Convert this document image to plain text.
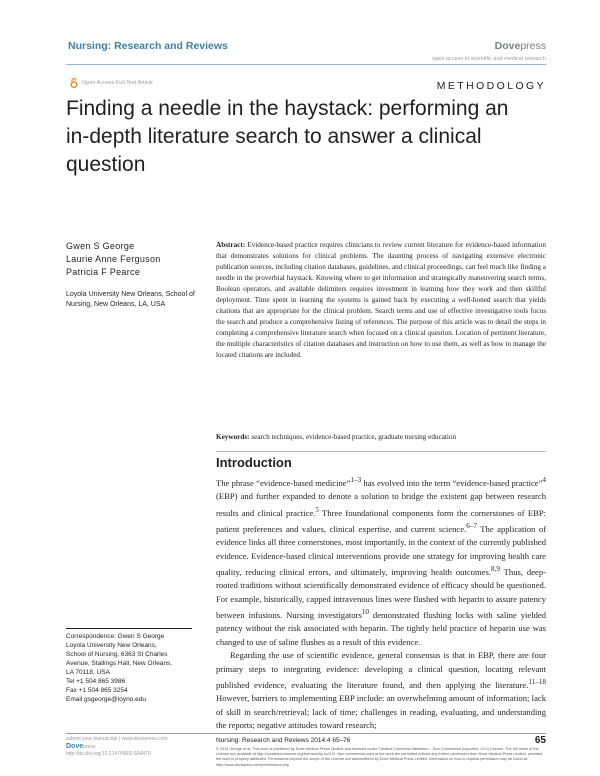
Nursing: Research and Reviews	Dovepress
open access to scientific and medical research
Open Access Full Text Article	METHODOLOGY
Finding a needle in the haystack: performing an in-depth literature search to answer a clinical question
Gwen S George
Laurie Anne Ferguson
Patricia F Pearce
Loyola University New Orleans, School of Nursing, New Orleans, LA, USA
Abstract: Evidence-based practice requires clinicians to review current literature for evidence-based information that demonstrates solutions for clinical problems. The daunting process of navigating extensive electronic publication sources, including citation databases, guidelines, and clinical proceedings, can feel much like finding a needle in the proverbial haystack. Knowing where to get information and strategically maneuvering search terms, Boolean operators, and available delimiters requires investment in learning how they work and then skillful deployment. Time spent in learning the systems is gained back by executing a well-honed search that yields citations that are appropriate for the clinical problem. Search terms and use of effective investigative tools focus the search and produce a comprehensive listing of references. The purpose of this article was to detail the steps in completing a comprehensive literature search when focused on a clinical question. Location of pertinent literature, the multiple characteristics of citation databases and instruction on how to use them, as well as how to manage the located citations are included.
Keywords: search techniques, evidence-based practice, graduate nursing education
Introduction

The phrase “evidence-based medicine”$^{1-3}$ has evolved into the term “evidence-based practice”$^4$ (EBP) and further expanded to denote a solution to bridge the existent gap between research results and clinical practice.$^5$ Three foundational components form the cornerstones of EBP: patient preferences and values, clinical expertise, and current science.$^{6-7}$ The application of evidence links all three cornerstones, most importantly, in the context of the currently published evidence. Evidence-based clinical interventions provide one strategy for improving health care quality, reducing clinical errors, and ultimately, improving health outcomes.$^{8,9}$ Thus, deep-rooted traditions without scientifically demonstrated evidence of efficacy should be questioned. For example, historically, capped intravenous lines were flushed with heparin to assure patency between infusions. Nursing investigators$^{10}$ demonstrated flushing locks with saline yielded patency without the risk associated with heparin. The tightly held practice of heparin use was changed to use of saline flushes as a result of this evidence.

Regarding the use of scientific evidence, general consensus is that in EBP, there are four primary steps to integrating evidence: developing a clinical question, locating relevant published evidence, evaluating the literature found, and then applying the literature.$^{11-18}$ However, barriers to implementing EBP include: an overwhelming amount of information; lack of skill in search/retrieval; lack of time; challenges in reading, evaluating, and understanding the reports; negative attitudes toward research;

Correspondence: Gwen S George
Loyola University New Orleans,
School of Nursing, 6363 St Charles
Avenue, Stallings Hall, New Orleans,
LA 70118, USA
Tel +1 504 865 3986
Fax +1 504 865 3254
Email gsgeorge@loyno.edu
submit your manuscript | www.dovepress.com
Dovepress
http://dx.doi.org/10.2147/NRR.S64470
Nursing: Research and Reviews 2014:4 65–76	65
© 2014 George et al. This work is published by Dove Medical Press Limited, and licensed under Creative Commons Attribution – Non Commercial (unported, v3.0) License. The full terms of the License are available at http://creativecommons.org/licenses/by-nc/3.0/. Non-commercial uses of the work are permitted without any further permission from Dove Medical Press Limited, provided the work is properly attributed. Permissions beyond the scope of the License are administered by Dove Medical Press Limited. Information on how to request permission may be found at: http://www.dovepress.com/permissions.php
